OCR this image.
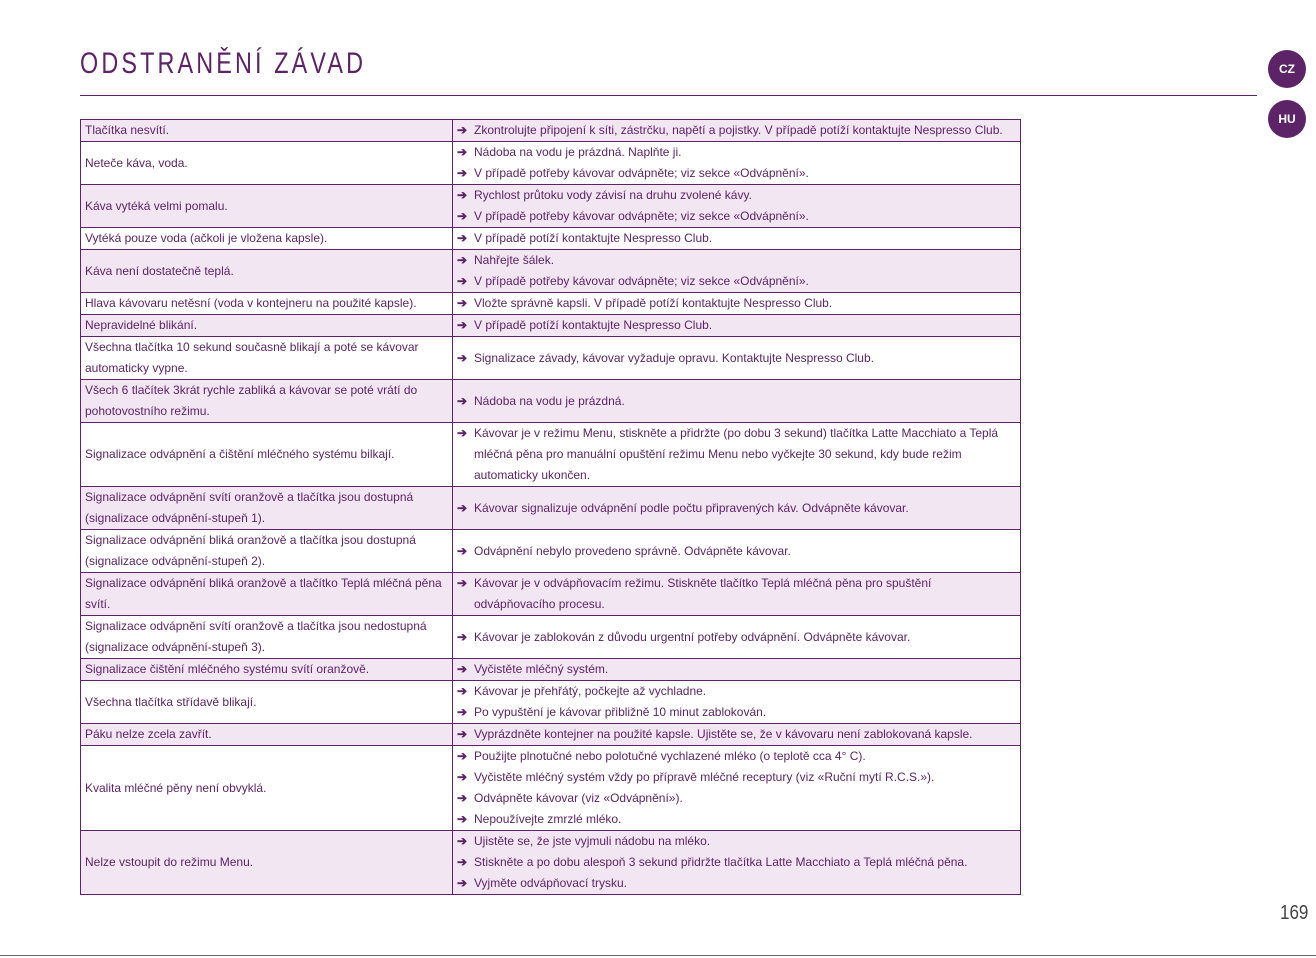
ODSTRANĚNÍ ZÁVAD	CZ
HU
Tlačítka nesvítí.	➔ Zkontrolujte připojení k síti, zástrčku, napětí a pojistky. V případě potíží kontaktujte Nespresso Club.

Neteče káva, voda.	➔ Nádoba na vodu je prázdná. Naplňte ji.
➔ V případě potřeby kávovar odvápněte; viz sekce «Odvápnění».

Káva vytéká velmi pomalu.	➔ Rychlost průtoku vody závisí na druhu zvolené kávy.
➔ V případě potřeby kávovar odvápněte; viz sekce «Odvápnění».

Vytéká pouze voda (ačkoli je vložena kapsle).	➔ V případě potíží kontaktujte Nespresso Club.

Káva není dostatečně teplá.	➔ Nahřejte šálek.
➔ V případě potřeby kávovar odvápněte; viz sekce «Odvápnění».

Hlava kávovaru netěsní (voda v kontejneru na použité kapsle).	➔ Vložte správně kapsli. V případě potíží kontaktujte Nespresso Club.

Nepravidelné blikání.	➔ V případě potíží kontaktujte Nespresso Club.

Všechna tlačítka 10 sekund současně blikají a poté se kávovar automaticky vypne.	➔ Signalizace závady, kávovar vyžaduje opravu. Kontaktujte Nespresso Club.

Všech 6 tlačítek 3krát rychle zabliká a kávovar se poté vrátí do pohotovostního režimu.	➔ Nádoba na vodu je prázdná.

Signalizace odvápnění a čištění mléčného systému bilkají.	➔ Kávovar je v režimu Menu, stiskněte a přidržte (po dobu 3 sekund) tlačítka Latte Macchiato a Teplá mléčná pěna pro manuální opuštění režimu Menu nebo vyčkejte 30 sekund, kdy bude režim automaticky ukončen.

Signalizace odvápnění svítí oranžově a tlačítka jsou dostupná (signalizace odvápnění-stupeň 1).	➔ Kávovar signalizuje odvápnění podle počtu připravených káv. Odvápněte kávovar.

Signalizace odvápnění bliká oranžově a tlačítka jsou dostupná (signalizace odvápnění-stupeň 2).	➔ Odvápnění nebylo provedeno správně. Odvápněte kávovar.

Signalizace odvápnění bliká oranžově a tlačítko Teplá mléčná pěna svítí.	➔ Kávovar je v odvápňovacím režimu. Stiskněte tlačítko Teplá mléčná pěna pro spuštění odvápňovacího procesu.

Signalizace odvápnění svítí oranžově a tlačítka jsou nedostupná (signalizace odvápnění-stupeň 3).	➔ Kávovar je zablokován z důvodu urgentní potřeby odvápnění. Odvápněte kávovar.

Signalizace čištění mléčného systému svítí oranžově.	➔ Vyčistěte mléčný systém.

Všechna tlačítka střídavě blikají.	➔ Kávovar je přehřátý, počkejte až vychladne.
➔ Po vypuštění je kávovar přibližně 10 minut zablokován.

Páku nelze zcela zavřít.	➔ Vyprázdněte kontejner na použité kapsle. Ujistěte se, že v kávovaru není zablokovaná kapsle.

Kvalita mléčné pěny není obvyklá.	➔ Použijte plnotučné nebo polotučné vychlazené mléko (o teplotě cca 4° C).
➔ Vyčistěte mléčný systém vždy po přípravě mléčné receptury (viz «Ruční mytí R.C.S.»).
➔ Odvápněte kávovar (viz «Odvápnění»).
➔ Nepoužívejte zmrzlé mléko.

Nelze vstoupit do režimu Menu.	➔ Ujistěte se, že jste vyjmuli nádobu na mléko.
➔ Stiskněte a po dobu alespoň 3 sekund přidržte tlačítka Latte Macchiato a Teplá mléčná pěna.
➔ Vyjměte odvápňovací trysku.
169
